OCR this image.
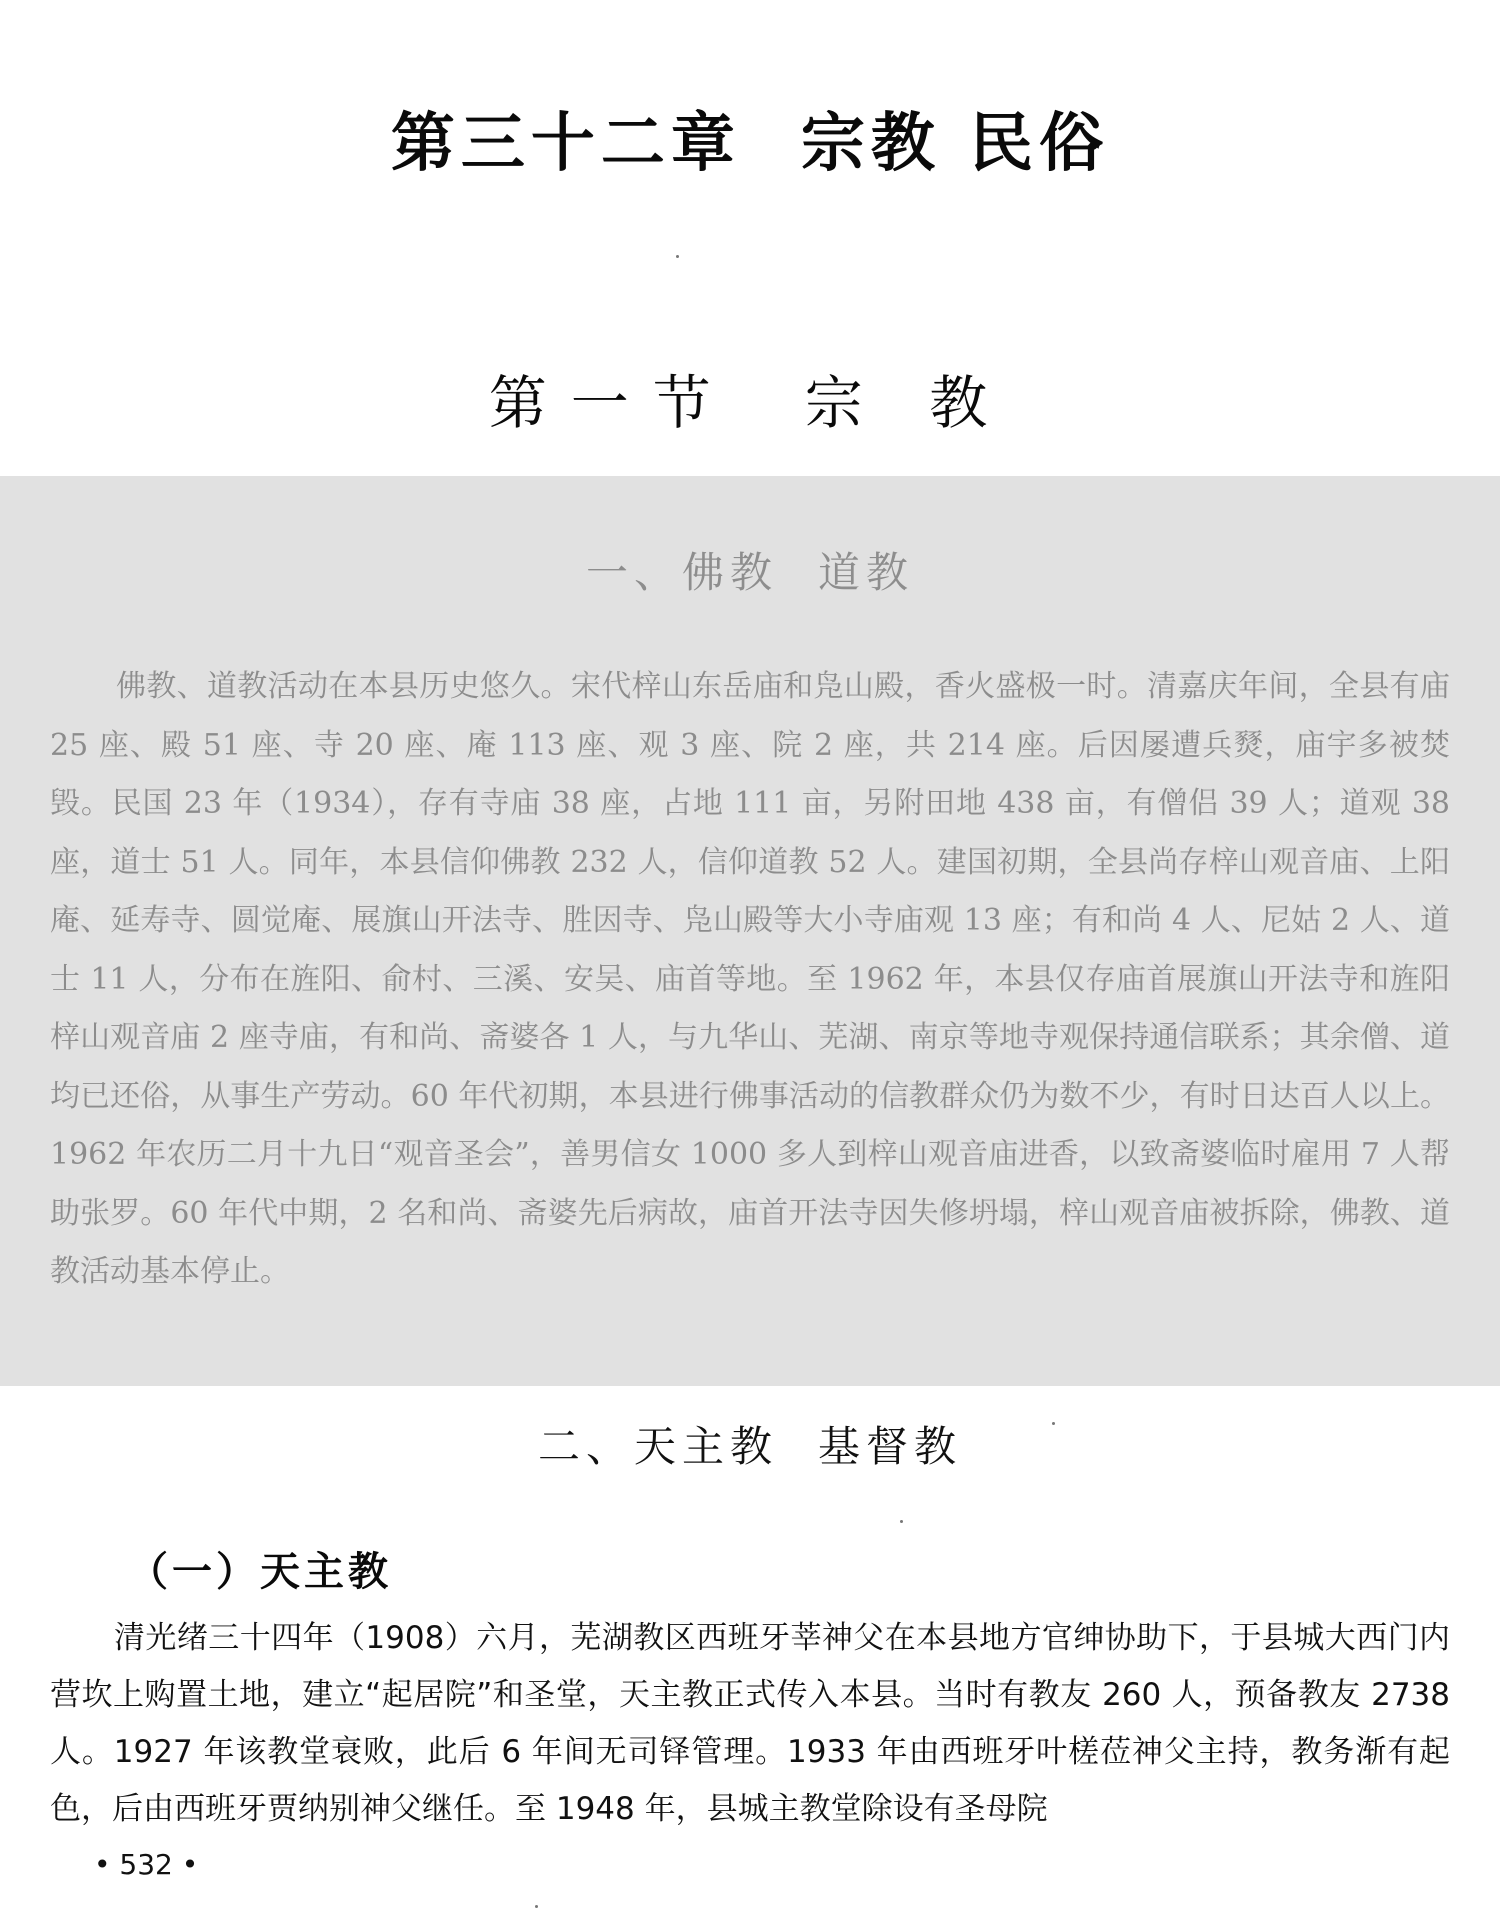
第三十二章 宗教 民俗
第一节 宗 教
一、佛教 道教

佛教、道教活动在本县历史悠久。宋代梓山东岳庙和凫山殿，香火盛极一时。清嘉庆年间，全县有庙 25 座、殿 51 座、寺 20 座、庵 113 座、观 3 座、院 2 座，共 214 座。后因屡遭兵燹，庙宇多被焚毁。民国 23 年（1934），存有寺庙 38 座，占地 111 亩，另附田地 438 亩，有僧侣 39 人；道观 38 座，道士 51 人。同年，本县信仰佛教 232 人，信仰道教 52 人。建国初期，全县尚存梓山观音庙、上阳庵、延寿寺、圆觉庵、展旗山开法寺、胜因寺、凫山殿等大小寺庙观 13 座；有和尚 4 人、尼姑 2 人、道士 11 人，分布在旌阳、俞村、三溪、安吴、庙首等地。至 1962 年，本县仅存庙首展旗山开法寺和旌阳梓山观音庙 2 座寺庙，有和尚、斋婆各 1 人，与九华山、芜湖、南京等地寺观保持通信联系；其余僧、道均已还俗，从事生产劳动。60 年代初期，本县进行佛事活动的信教群众仍为数不少，有时日达百人以上。1962 年农历二月十九日“观音圣会”，善男信女 1000 多人到梓山观音庙进香，以致斋婆临时雇用 7 人帮助张罗。60 年代中期，2 名和尚、斋婆先后病故，庙首开法寺因失修坍塌，梓山观音庙被拆除，佛教、道教活动基本停止。

二、天主教 基督教
（一）天主教

清光绪三十四年（1908）六月，芜湖教区西班牙莘神父在本县地方官绅协助下，于县城大西门内营坎上购置土地，建立“起居院”和圣堂，天主教正式传入本县。当时有教友 260 人，预备教友 2738 人。1927 年该教堂衰败，此后 6 年间无司铎管理。1933 年由西班牙叶槎莅神父主持，教务渐有起色，后由西班牙贾纳别神父继任。至 1948 年，县城主教堂除设有圣母院

• 532 •
